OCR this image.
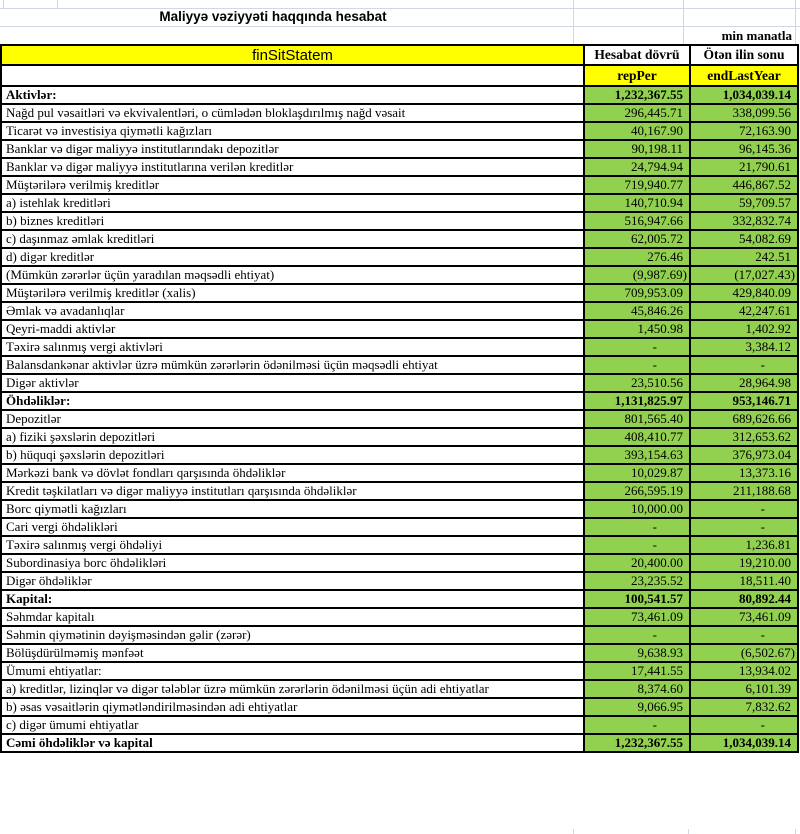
Maliyyə vəziyyəti haqqında hesabat
min manatla
finSitStatem	Hesabat dövrü	Ötən ilin sonu
	repPer	endLastYear
Aktivlər:	1,232,367.55	1,034,039.14
Nağd pul vəsaitləri və ekvivalentləri, o cümlədən bloklaşdırılmış nağd vəsait	296,445.71	338,099.56
Ticarət və investisiya qiymətli kağızları	40,167.90	72,163.90
Banklar və digər maliyyə institutlarındakı depozitlər	90,198.11	96,145.36
Banklar və digər maliyyə institutlarına verilən kreditlər	24,794.94	21,790.61
Müştərilərə verilmiş kreditlər	719,940.77	446,867.52
a) istehlak kreditləri	140,710.94	59,709.57
b) biznes kreditləri	516,947.66	332,832.74
c) daşınmaz əmlak kreditləri	62,005.72	54,082.69
d) digər kreditlər	276.46	242.51
(Mümkün zərərlər üçün yaradılan məqsədli ehtiyat)	(9,987.69)	(17,027.43)
Müştərilərə verilmiş kreditlər (xalis)	709,953.09	429,840.09
Əmlak və avadanlıqlar	45,846.26	42,247.61
Qeyri-maddi aktivlər	1,450.98	1,402.92
Təxirə salınmış vergi aktivləri	-	3,384.12
Balansdankənar aktivlər üzrə mümkün zərərlərin ödənilməsi üçün məqsədli ehtiyat	-	-
Digər aktivlər	23,510.56	28,964.98
Öhdəliklər:	1,131,825.97	953,146.71
Depozitlər	801,565.40	689,626.66
a) fiziki şəxslərin depozitləri	408,410.77	312,653.62
b) hüquqi şəxslərin depozitləri	393,154.63	376,973.04
Mərkəzi bank və dövlət fondları qarşısında öhdəliklər	10,029.87	13,373.16
Kredit təşkilatları və digər maliyyə institutları qarşısında öhdəliklər	266,595.19	211,188.68
Borc qiymətli kağızları	10,000.00	-
Cari vergi öhdəlikləri	-	-
Təxirə salınmış vergi öhdəliyi	-	1,236.81
Subordinasiya borc öhdəlikləri	20,400.00	19,210.00
Digər öhdəliklər	23,235.52	18,511.40
Kapital:	100,541.57	80,892.44
Səhmdar kapitalı	73,461.09	73,461.09
Səhmin qiymətinin dəyişməsindən gəlir (zərər)	-	-
Bölüşdürülməmiş mənfəət	9,638.93	(6,502.67)
Ümumi ehtiyatlar:	17,441.55	13,934.02
a) kreditlər, lizinqlər və digər tələblər üzrə mümkün zərərlərin ödənilməsi üçün adi ehtiyatlar	8,374.60	6,101.39
b) əsas vəsaitlərin qiymətləndirilməsindən adi ehtiyatlar	9,066.95	7,832.62
c) digər ümumi ehtiyatlar	-	-
Cəmi öhdəliklər və kapital	1,232,367.55	1,034,039.14
